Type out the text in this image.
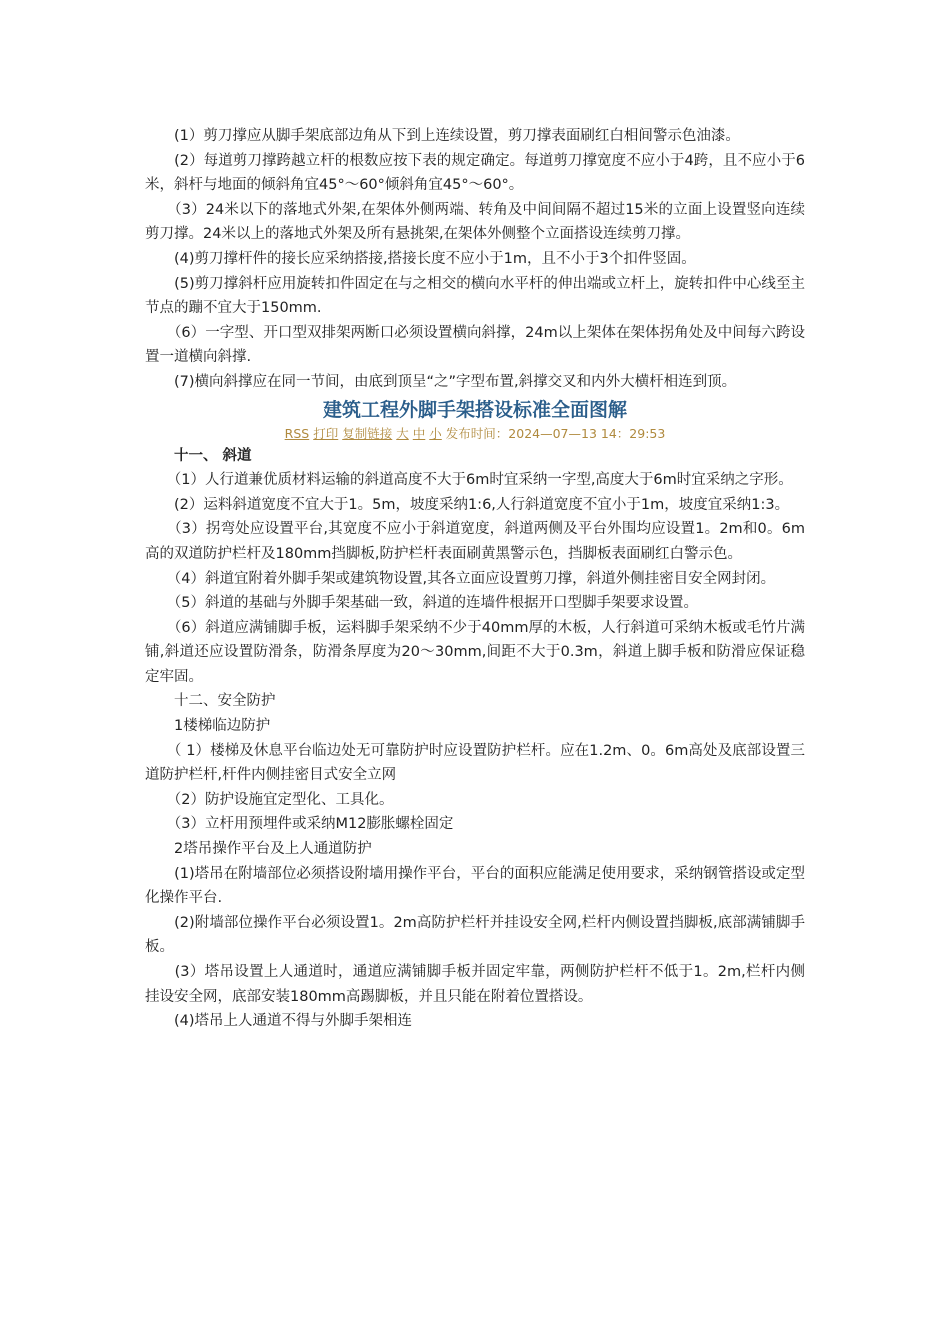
　　(1）剪刀撑应从脚手架底部边角从下到上连续设置，剪刀撑表面刷红白相间警示色油漆。

　　(2）每道剪刀撑跨越立杆的根数应按下表的规定确定。每道剪刀撑宽度不应小于4跨，且不应小于6米，斜杆与地面的倾斜角宜45°～60°倾斜角宜45°～60°。

　　（3）24米以下的落地式外架,在架体外侧两端、转角及中间间隔不超过15米的立面上设置竖向连续剪刀撑。24米以上的落地式外架及所有悬挑架,在架体外侧整个立面搭设连续剪刀撑。

　　(4)剪刀撑杆件的接长应采纳搭接,搭接长度不应小于1m，且不小于3个扣件竖固。

　　(5)剪刀撑斜杆应用旋转扣件固定在与之相交的横向水平杆的伸出端或立杆上，旋转扣件中心线至主节点的蹦不宜大于150mm.

　　（6）一字型、开口型双排架两断口必须设置横向斜撑，24m以上架体在架体拐角处及中间每六跨设置一道横向斜撑.

　　(7)横向斜撑应在同一节间，由底到顶呈“之”字型布置,斜撑交叉和内外大横杆相连到顶。

建筑工程外脚手架搭设标准全面图解
RSS 打印 复制链接 大 中 小 发布时间：2024—07—13 14：29:53

　　十一、 斜道

　　（1）人行道兼优质材料运输的斜道高度不大于6m时宜采纳一字型,高度大于6m时宜采纳之字形。

　　(2）运料斜道宽度不宜大于1。5m，坡度采纳1:6,人行斜道宽度不宜小于1m，坡度宜采纳1:3。

　　（3）拐弯处应设置平台,其宽度不应小于斜道宽度，斜道两侧及平台外围均应设置1。2m和0。6m高的双道防护栏杆及180mm挡脚板,防护栏杆表面刷黄黑警示色，挡脚板表面刷红白警示色。

　　（4）斜道宜附着外脚手架或建筑物设置,其各立面应设置剪刀撑，斜道外侧挂密目安全网封闭。

　　（5）斜道的基础与外脚手架基础一致，斜道的连墙件根据开口型脚手架要求设置。

　　（6）斜道应满铺脚手板，运料脚手架采纳不少于40mm厚的木板，人行斜道可采纳木板或毛竹片满铺,斜道还应设置防滑条，防滑条厚度为20～30mm,间距不大于0.3m，斜道上脚手板和防滑应保证稳定牢固。

　　十二、安全防护

　　1楼梯临边防护

　　（ 1）楼梯及休息平台临边处无可靠防护时应设置防护栏杆。应在1.2m、0。6m高处及底部设置三道防护栏杆,杆件内侧挂密目式安全立网

　　（2）防护设施宜定型化、工具化。

　　（3）立杆用预埋件或采纳M12膨胀螺栓固定

　　2塔吊操作平台及上人通道防护

　　(1)塔吊在附墙部位必须搭设附墙用操作平台，平台的面积应能满足使用要求，采纳钢管搭设或定型化操作平台.

　　(2)附墙部位操作平台必须设置1。2m高防护栏杆并挂设安全网,栏杆内侧设置挡脚板,底部满铺脚手板。

　　(3）塔吊设置上人通道时，通道应满铺脚手板并固定牢靠，两侧防护栏杆不低于1。2m,栏杆内侧挂设安全网，底部安装180mm高踢脚板，并且只能在附着位置搭设。

　　(4)塔吊上人通道不得与外脚手架相连
